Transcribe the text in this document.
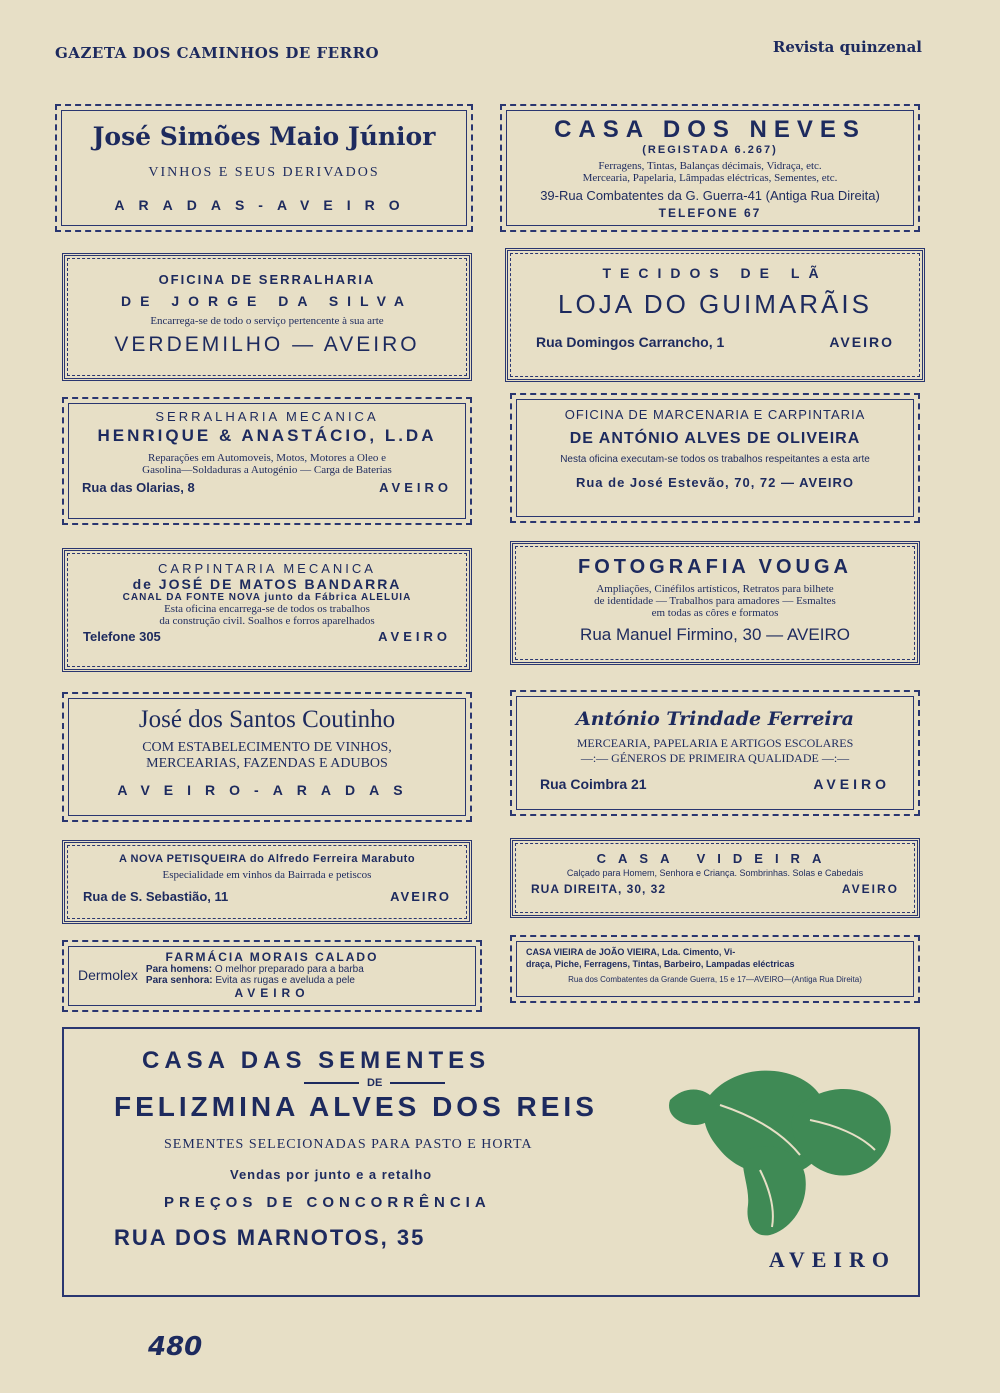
GAZETA DOS CAMINHOS DE FERRO	Revista quinzenal
José Simões Maio Júnior
VINHOS E SEUS DERIVADOS
ARADAS-AVEIRO
CASA DOS NEVES
(REGISTADA 6.267)
Ferragens, Tintas, Balanças décimais, Vidraça, etc.
Mercearia, Papelaria, Lâmpadas eléctricas, Sementes, etc.
39-Rua Combatentes da G. Guerra-41 (Antiga Rua Direita)
TELEFONE 67
OFICINA DE SERRALHARIA
DE JORGE DA SILVA
Encarrega-se de todo o serviço pertencente à sua arte
VERDEMILHO — AVEIRO
TECIDOS DE LÃ
LOJA DO GUIMARÃIS
Rua Domingos Carrancho, 1	AVEIRO
SERRALHARIA MECANICA
HENRIQUE & ANASTÁCIO, L.DA
Reparações em Automoveis, Motos, Motores a Oleo e
Gasolina—Soldaduras a Autogénio — Carga de Baterias
Rua das Olarias, 8	AVEIRO
OFICINA DE MARCENARIA E CARPINTARIA
DE ANTÓNIO ALVES DE OLIVEIRA
Nesta oficina executam-se todos os trabalhos respeitantes a esta arte
Rua de José Estevão, 70, 72 — AVEIRO
CARPINTARIA MECANICA
de JOSÉ DE MATOS BANDARRA
CANAL DA FONTE NOVA junto da Fábrica ALELUIA
Esta oficina encarrega-se de todos os trabalhos
da construção civil. Soalhos e forros aparelhados
Telefone 305	AVEIRO
FOTOGRAFIA VOUGA
Ampliações, Cinéfilos artísticos, Retratos para bilhete
de identidade — Trabalhos para amadores — Esmaltes
em todas as côres e formatos
Rua Manuel Firmino, 30 — AVEIRO
José dos Santos Coutinho
COM ESTABELECIMENTO DE VINHOS,
MERCEARIAS, FAZENDAS E ADUBOS
AVEIRO-ARADAS
António Trindade Ferreira
MERCEARIA, PAPELARIA E ARTIGOS ESCOLARES
—:— GÉNEROS DE PRIMEIRA QUALIDADE —:—
Rua Coimbra 21	AVEIRO
A NOVA PETISQUEIRA do Alfredo Ferreira Marabuto
Especialidade em vinhos da Bairrada e petiscos
Rua de S. Sebastião, 11	AVEIRO
CASA VIDEIRA
Calçado para Homem, Senhora e Criança. Sombrinhas. Solas e Cabedais
RUA DIREITA, 30, 32	AVEIRO
FARMÁCIA MORAIS CALADO
Dermolex Para homens: O melhor preparado para a barba
Para senhora: Evita as rugas e aveluda a pele
AVEIRO
CASA VIEIRA de JOÃO VIEIRA, Lda. Cimento, Vi-
draça, Piche, Ferragens, Tintas, Barbeiro, Lampadas eléctricas
Rua dos Combatentes da Grande Guerra, 15 e 17—AVEIRO—(Antiga Rua Direita)
CASA DAS SEMENTES
DE
FELIZMINA ALVES DOS REIS
SEMENTES SELECIONADAS PARA PASTO E HORTA
Vendas por junto e a retalho
PREÇOS DE CONCORRÊNCIA
RUA DOS MARNOTOS, 35
AVEIRO
480
